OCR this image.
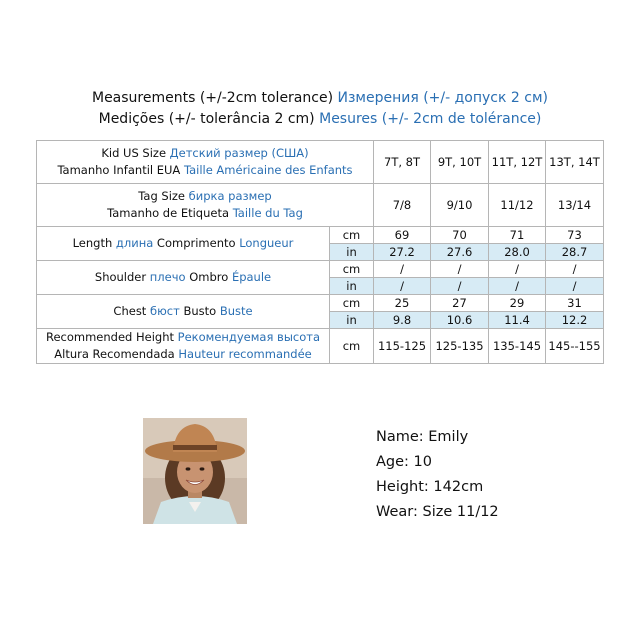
Measurements (+/-2cm tolerance) Измерения (+/- допуск 2 см)
Medições (+/- tolerância 2 cm) Mesures (+/- 2cm de tolérance)
Kid US Size Детский размер (США)
Tamanho Infantil EUA Taille Américaine des Enfants		7T, 8T	9T, 10T	11T, 12T	13T, 14T
Tag Size бирка размер
Tamanho de Etiqueta Taille du Tag		7/8	9/10	11/12	13/14
Length длина Comprimento Longueur	cm	69	70	71	73
	in	27.2	27.6	28.0	28.7
Shoulder плечо Ombro Épaule	cm	/	/	/	/
	in	/	/	/	/
Chest бюст Busto Buste	cm	25	27	29	31
	in	9.8	10.6	11.4	12.2
Recommended Height Рекомендуемая высота
Altura Recomendada Hauteur recommandée	cm	115-125	125-135	135-145	145--155
Name: Emily
Age: 10
Height: 142cm
Wear: Size 11/12
